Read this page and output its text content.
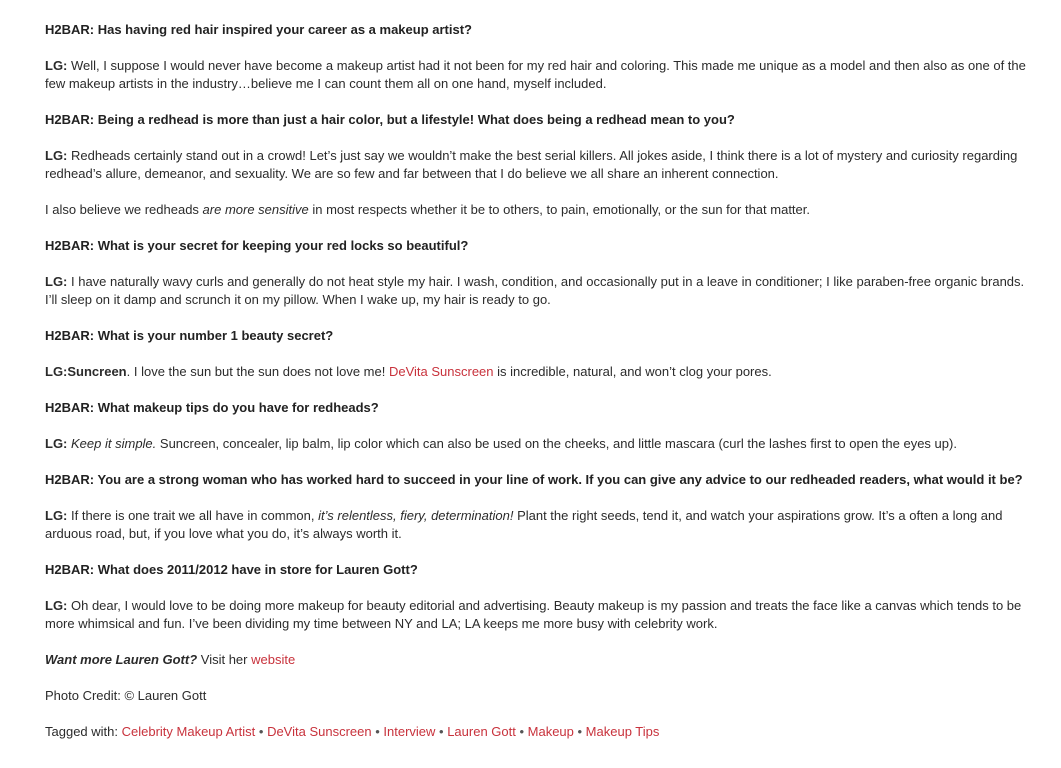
H2BAR: Has having red hair inspired your career as a makeup artist?

LG: Well, I suppose I would never have become a makeup artist had it not been for my red hair and coloring. This made me unique as a model and then also as one of the few makeup artists in the industry…believe me I can count them all on one hand, myself included.

H2BAR: Being a redhead is more than just a hair color, but a lifestyle! What does being a redhead mean to you?

LG: Redheads certainly stand out in a crowd! Let’s just say we wouldn’t make the best serial killers. All jokes aside, I think there is a lot of mystery and curiosity regarding redhead’s allure, demeanor, and sexuality. We are so few and far between that I do believe we all share an inherent connection.

I also believe we redheads are more sensitive in most respects whether it be to others, to pain, emotionally, or the sun for that matter.

H2BAR: What is your secret for keeping your red locks so beautiful?

LG: I have naturally wavy curls and generally do not heat style my hair. I wash, condition, and occasionally put in a leave in conditioner; I like paraben-free organic brands. I’ll sleep on it damp and scrunch it on my pillow. When I wake up, my hair is ready to go.

H2BAR: What is your number 1 beauty secret?

LG:Suncreen. I love the sun but the sun does not love me! DeVita Sunscreen is incredible, natural, and won’t clog your pores.

H2BAR: What makeup tips do you have for redheads?

LG: Keep it simple. Suncreen, concealer, lip balm, lip color which can also be used on the cheeks, and little mascara (curl the lashes first to open the eyes up).

H2BAR: You are a strong woman who has worked hard to succeed in your line of work. If you can give any advice to our redheaded readers, what would it be?

LG: If there is one trait we all have in common, it’s relentless, fiery, determination! Plant the right seeds, tend it, and watch your aspirations grow. It’s a often a long and arduous road, but, if you love what you do, it’s always worth it.

H2BAR: What does 2011/2012 have in store for Lauren Gott?

LG: Oh dear, I would love to be doing more makeup for beauty editorial and advertising. Beauty makeup is my passion and treats the face like a canvas which tends to be more whimsical and fun. I’ve been dividing my time between NY and LA; LA keeps me more busy with celebrity work.

Want more Lauren Gott? Visit her website

Photo Credit: © Lauren Gott

Tagged with: Celebrity Makeup Artist • DeVita Sunscreen • Interview • Lauren Gott • Makeup • Makeup Tips
